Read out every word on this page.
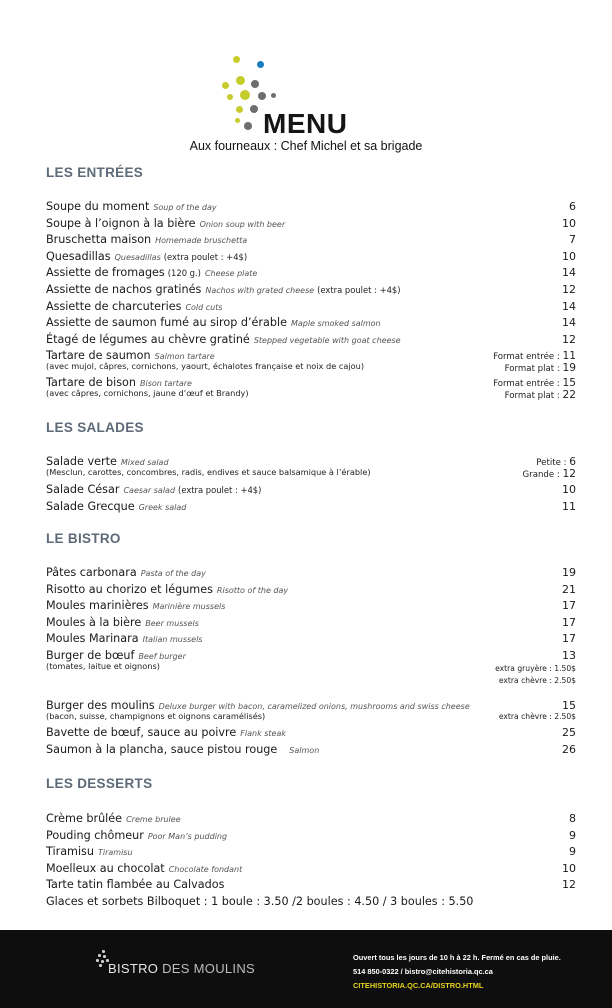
MENU
Aux fourneaux : Chef Michel et sa brigade
LES ENTRÉES
Soupe du moment Soup of the day	6
Soupe à l’oignon à la bière Onion soup with beer	10
Bruschetta maison Homemade bruschetta	7
Quesadillas Quesadillas (extra poulet : +4$)	10
Assiette de fromages (120 g.) Cheese plate	14
Assiette de nachos gratinés Nachos with grated cheese (extra poulet : +4$)	12
Assiette de charcuteries Cold cuts	14
Assiette de saumon fumé au sirop d’érable Maple smoked salmon	14
Étagé de légumes au chèvre gratiné Stepped vegetable with goat cheese	12
Tartare de saumon Salmon tartare
(avec mujol, câpres, cornichons, yaourt, échalotes française et noix de cajou)
Format entrée : 11
Format plat : 19
Tartare de bison Bison tartare
(avec câpres, cornichons, jaune d’œuf et Brandy)
Format entrée : 15
Format plat : 22
LES SALADES
Salade verte Mixed salad
(Mesclun, carottes, concombres, radis, endives et sauce balsamique à l’érable)
Petite : 6
Grande : 12
Salade César Caesar salad (extra poulet : +4$)	10
Salade Grecque Greek salad	11
LE BISTRO
Pâtes carbonara Pasta of the day	19
Risotto au chorizo et légumes Risotto of the day	21
Moules marinières Marinière mussels	17
Moules à la bière Beer mussels	17
Moules Marinara Italian mussels	17
Burger de bœuf Beef burger	13
(tomates, laitue et oignons)	extra gruyère : 1.50$
extra chèvre : 2.50$
Burger des moulins Deluxe burger with bacon, caramelized onions, mushrooms and swiss cheese	15
(bacon, suisse, champignons et oignons caramélisés)	extra chèvre : 2.50$
Bavette de bœuf, sauce au poivre Flank steak	25
Saumon à la plancha, sauce pistou rouge Salmon	26
LES DESSERTS
Crème brûlée Creme brulee	8
Pouding chômeur Poor Man’s pudding	9
Tiramisu Tiramisu	9
Moelleux au chocolat Chocolate fondant	10
Tarte tatin flambée au Calvados	12
Glaces et sorbets Bilboquet : 1 boule : 3.50 /2 boules : 4.50 / 3 boules : 5.50
BISTRO DES MOULINS
Ouvert tous les jours de 10 h à 22 h. Fermé en cas de pluie.
514 850-0322 / bistro@citehistoria.qc.ca
CITEHISTORIA.QC.CA/DISTRO.HTML
